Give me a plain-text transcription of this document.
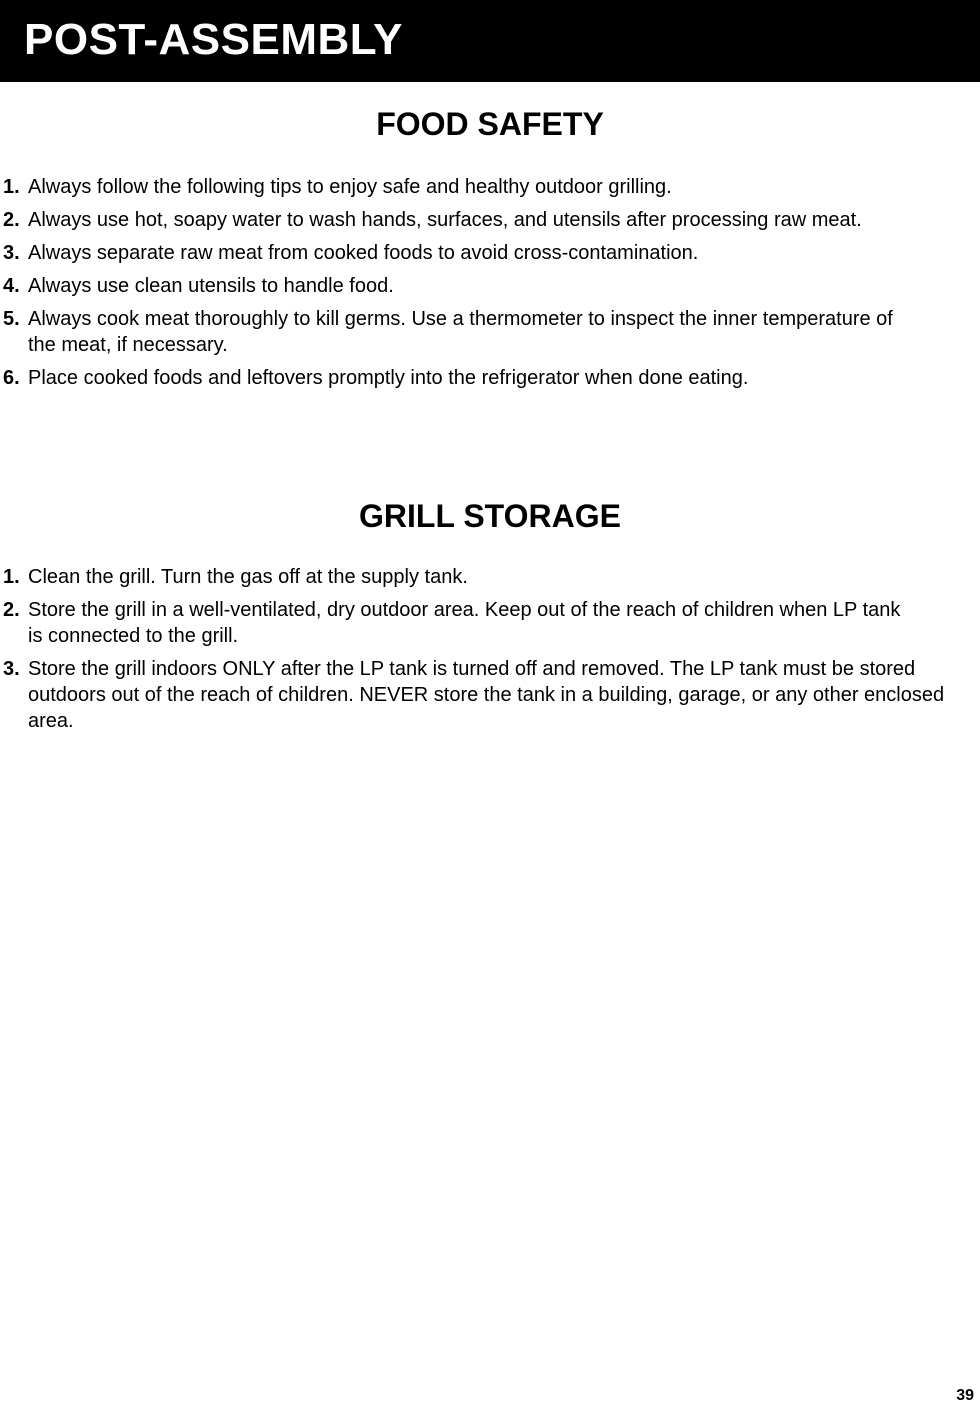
POST-ASSEMBLY
FOOD SAFETY
1. Always follow the following tips to enjoy safe and healthy outdoor grilling.
2. Always use hot, soapy water to wash hands, surfaces, and utensils after processing raw meat.
3. Always separate raw meat from cooked foods to avoid cross-contamination.
4. Always use clean utensils to handle food.
5. Always cook meat thoroughly to kill germs. Use a thermometer to inspect the inner temperature of the meat, if necessary.
6. Place cooked foods and leftovers promptly into the refrigerator when done eating.
GRILL STORAGE
1. Clean the grill. Turn the gas off at the supply tank.
2. Store the grill in a well-ventilated, dry outdoor area. Keep out of the reach of children when LP tank is connected to the grill.
3. Store the grill indoors ONLY after the LP tank is turned off and removed. The LP tank must be stored outdoors out of the reach of children. NEVER store the tank in a building, garage, or any other enclosed area.
39
